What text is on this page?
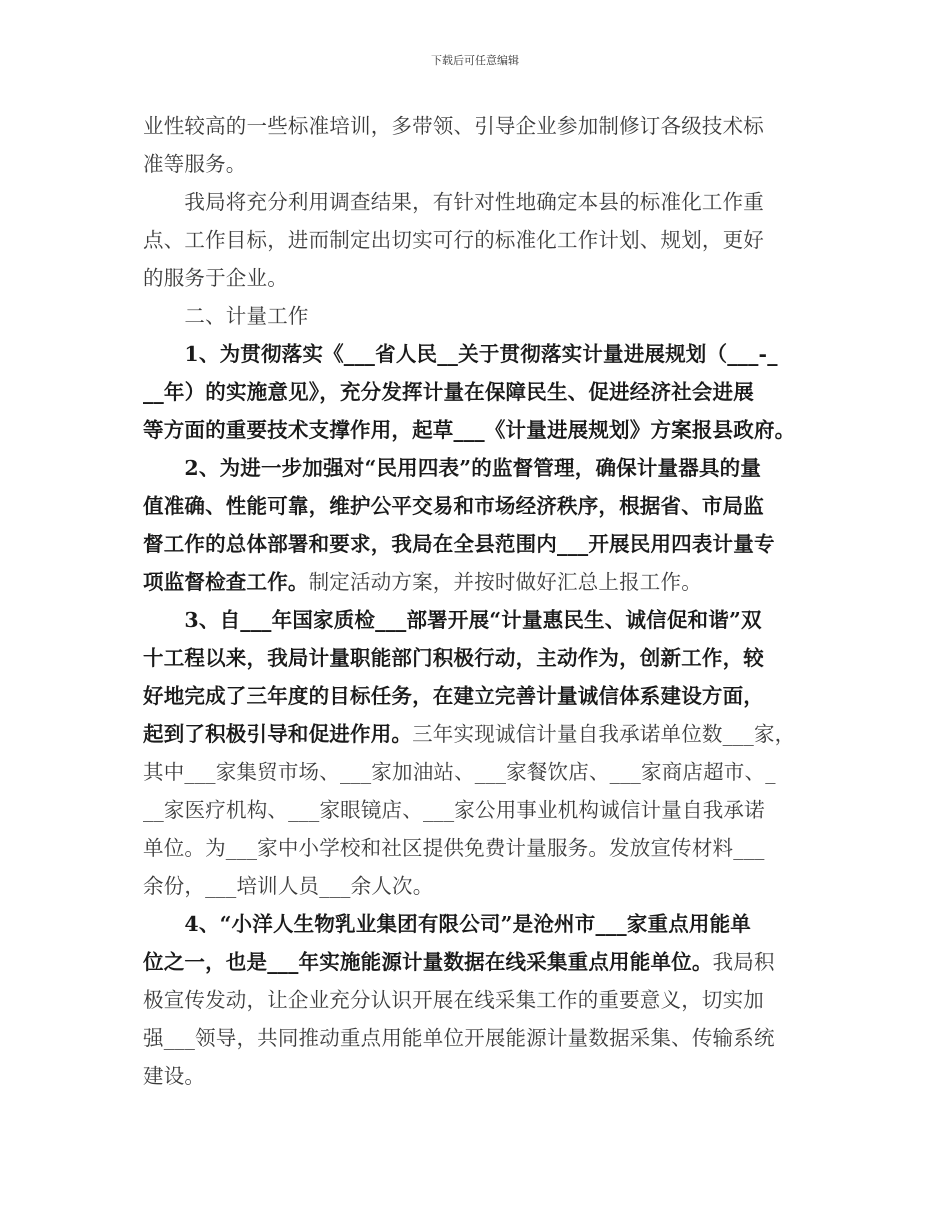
下载后可任意编辑
业性较高的一些标准培训，多带领、引导企业参加制修订各级技术标
准等服务。
　　我局将充分利用调查结果，有针对性地确定本县的标准化工作重
点、工作目标，进而制定出切实可行的标准化工作计划、规划，更好
的服务于企业。
　　二、计量工作
　　1、为贯彻落实《___省人民__关于贯彻落实计量进展规划（___-_
__年）的实施意见》，充分发挥计量在保障民生、促进经济社会进展
等方面的重要技术支撑作用，起草___《计量进展规划》方案报县政府。
　　2、为进一步加强对“民用四表”的监督管理，确保计量器具的量
值准确、性能可靠，维护公平交易和市场经济秩序，根据省、市局监
督工作的总体部署和要求，我局在全县范围内___开展民用四表计量专
项监督检查工作。制定活动方案，并按时做好汇总上报工作。
　　3、自___年国家质检___部署开展“计量惠民生、诚信促和谐”双
十工程以来，我局计量职能部门积极行动，主动作为，创新工作，较
好地完成了三年度的目标任务，在建立完善计量诚信体系建设方面，
起到了积极引导和促进作用。三年实现诚信计量自我承诺单位数___家，
其中___家集贸市场、___家加油站、___家餐饮店、___家商店超市、_
__家医疗机构、___家眼镜店、___家公用事业机构诚信计量自我承诺
单位。为___家中小学校和社区提供免费计量服务。发放宣传材料___
余份，___培训人员___余人次。
　　4、“小洋人生物乳业集团有限公司”是沧州市___家重点用能单
位之一，也是___年实施能源计量数据在线采集重点用能单位。我局积
极宣传发动，让企业充分认识开展在线采集工作的重要意义，切实加
强___领导，共同推动重点用能单位开展能源计量数据采集、传输系统
建设。
